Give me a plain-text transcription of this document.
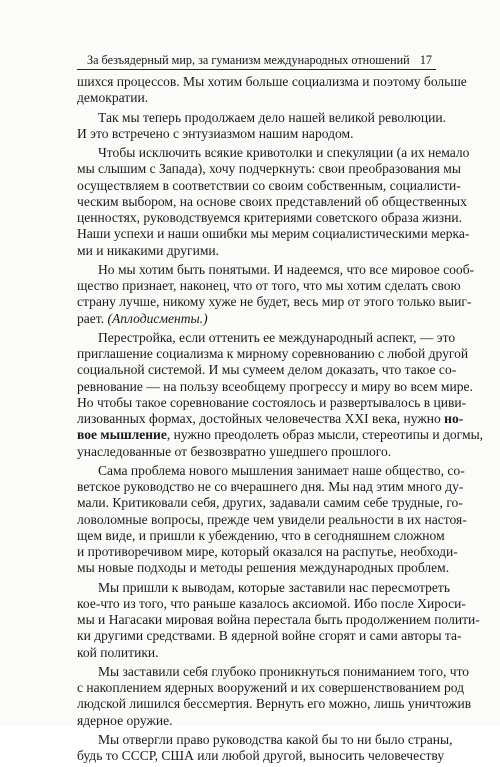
За безъядерный мир, за гуманизм международных отношений 17

шихся процессов. Мы хотим больше социализма и поэтому больше
демократии.

Так мы теперь продолжаем дело нашей великой революции.
И это встречено с энтузиазмом нашим народом.

Чтобы исключить всякие кривотолки и спекуляции (а их немало
мы слышим с Запада), хочу подчеркнуть: свои преобразования мы
осуществляем в соответствии со своим собственным, социалисти-
ческим выбором, на основе своих представлений об общественных
ценностях, руководствуемся критериями советского образа жизни.
Наши успехи и наши ошибки мы мерим социалистическими мерка-
ми и никакими другими.

Но мы хотим быть понятыми. И надеемся, что все мировое сооб-
щество признает, наконец, что от того, что мы хотим сделать свою
страну лучше, никому хуже не будет, весь мир от этого только выиг-
рает. (Аплодисменты.)

Перестройка, если оттенить ее международный аспект, — это
приглашение социализма к мирному соревнованию с любой другой
социальной системой. И мы сумеем делом доказать, что такое со-
ревнование — на пользу всеобщему прогрессу и миру во всем мире.
Но чтобы такое соревнование состоялось и развертывалось в циви-
лизованных формах, достойных человечества XXI века, нужно но-
вое мышление, нужно преодолеть образ мысли, стереотипы и догмы,
унаследованные от безвозвратно ушедшего прошлого.

Сама проблема нового мышления занимает наше общество, со-
ветское руководство не со вчерашнего дня. Мы над этим много ду-
мали. Критиковали себя, других, задавали самим себе трудные, го-
ловоломные вопросы, прежде чем увидели реальности в их настоя-
щем виде, и пришли к убеждению, что в сегодняшнем сложном
и противоречивом мире, который оказался на распутье, необходи-
мы новые подходы и методы решения международных проблем.

Мы пришли к выводам, которые заставили нас пересмотреть
кое-что из того, что раньше казалось аксиомой. Ибо после Хироси-
мы и Нагасаки мировая война перестала быть продолжением полити-
ки другими средствами. В ядерной войне сгорят и сами авторы та-
кой политики.

Мы заставили себя глубоко проникнуться пониманием того, что
с накоплением ядерных вооружений и их совершенствованием род
людской лишился бессмертия. Вернуть его можно, лишь уничтожив
ядерное оружие.

Мы отвергли право руководства какой бы то ни было страны,
будь то СССР, США или любой другой, выносить человечеству
